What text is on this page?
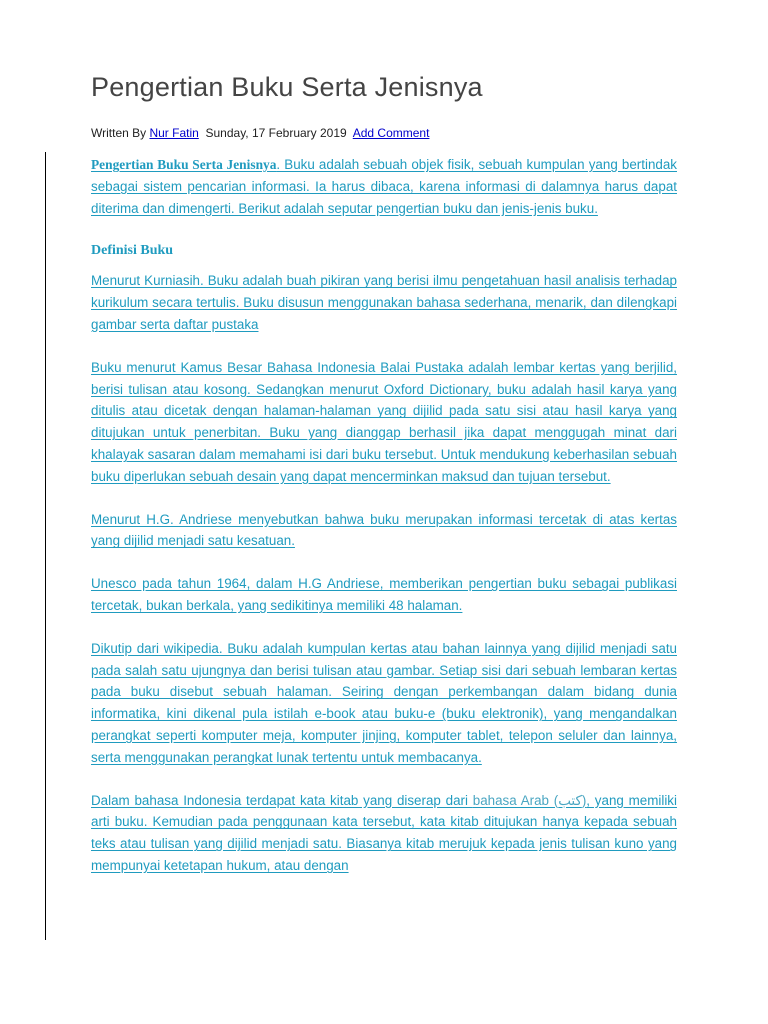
Pengertian Buku Serta Jenisnya
Written By Nur Fatin Sunday, 17 February 2019 Add Comment

Pengertian Buku Serta Jenisnya. Buku adalah sebuah objek fisik, sebuah kumpulan yang bertindak sebagai sistem pencarian informasi. Ia harus dibaca, karena informasi di dalamnya harus dapat diterima dan dimengerti. Berikut adalah seputar pengertian buku dan jenis-jenis buku.

Definisi Buku

Menurut Kurniasih. Buku adalah buah pikiran yang berisi ilmu pengetahuan hasil analisis terhadap kurikulum secara tertulis. Buku disusun menggunakan bahasa sederhana, menarik, dan dilengkapi gambar serta daftar pustaka

Buku menurut Kamus Besar Bahasa Indonesia Balai Pustaka adalah lembar kertas yang berjilid, berisi tulisan atau kosong. Sedangkan menurut Oxford Dictionary, buku adalah hasil karya yang ditulis atau dicetak dengan halaman-halaman yang dijilid pada satu sisi atau hasil karya yang ditujukan untuk penerbitan. Buku yang dianggap berhasil jika dapat menggugah minat dari khalayak sasaran dalam memahami isi dari buku tersebut. Untuk mendukung keberhasilan sebuah buku diperlukan sebuah desain yang dapat mencerminkan maksud dan tujuan tersebut.

Menurut H.G. Andriese menyebutkan bahwa buku merupakan informasi tercetak di atas kertas yang dijilid menjadi satu kesatuan.

Unesco pada tahun 1964, dalam H.G Andriese, memberikan pengertian buku sebagai publikasi tercetak, bukan berkala, yang sedikitinya memiliki 48 halaman.

Dikutip dari wikipedia. Buku adalah kumpulan kertas atau bahan lainnya yang dijilid menjadi satu pada salah satu ujungnya dan berisi tulisan atau gambar. Setiap sisi dari sebuah lembaran kertas pada buku disebut sebuah halaman. Seiring dengan perkembangan dalam bidang dunia informatika, kini dikenal pula istilah e-book atau buku-e (buku elektronik), yang mengandalkan perangkat seperti komputer meja, komputer jinjing, komputer tablet, telepon seluler dan lainnya, serta menggunakan perangkat lunak tertentu untuk membacanya.

Dalam bahasa Indonesia terdapat kata kitab yang diserap dari bahasa Arab (كتب), yang memiliki arti buku. Kemudian pada penggunaan kata tersebut, kata kitab ditujukan hanya kepada sebuah teks atau tulisan yang dijilid menjadi satu. Biasanya kitab merujuk kepada jenis tulisan kuno yang mempunyai ketetapan hukum, atau dengan
